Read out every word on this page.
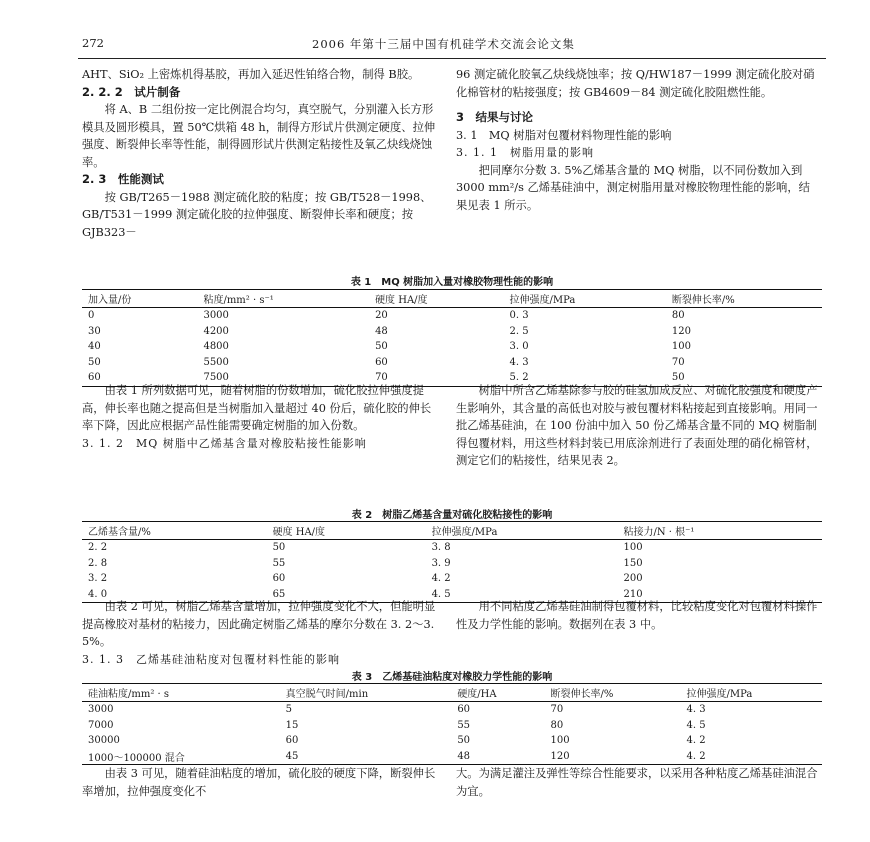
272	2006 年第十三届中国有机硅学术交流会论文集

AHT、SiO₂ 上密炼机得基胶，再加入延迟性铂络合物，制得 B胶。

2. 2. 2　试片制备

将 A、B 二组份按一定比例混合均匀，真空脱气，分别灌入长方形模具及圆形模具，置 50℃烘箱 48 h，制得方形试片供测定硬度、拉伸强度、断裂伸长率等性能，制得圆形试片供测定粘接性及氧乙炔线烧蚀率。

2. 3　性能测试

按 GB/T265－1988 测定硫化胶的粘度；按 GB/T528－1998、GB/T531－1999 测定硫化胶的拉伸强度、断裂伸长率和硬度；按 GJB323－

96 测定硫化胶氧乙炔线烧蚀率；按 Q/HW187－1999 测定硫化胶对硝化棉管材的粘接强度；按 GB4609－84 测定硫化胶阻燃性能。

3　结果与讨论

3. 1　MQ 树脂对包覆材料物理性能的影响

3. 1. 1　树脂用量的影响

把同摩尔分数 3. 5%乙烯基含量的 MQ 树脂，以不同份数加入到 3000 mm²/s 乙烯基硅油中，测定树脂用量对橡胶物理性能的影响，结果见表 1 所示。

表 1　MQ 树脂加入量对橡胶物理性能的影响
加入量/份	粘度/mm² · s⁻¹	硬度 HA/度	拉伸强度/MPa	断裂伸长率/%
0	3000	20	0. 3	80
30	4200	48	2. 5	120
40	4800	50	3. 0	100
50	5500	60	4. 3	70
60	7500	70	5. 2	50

由表 1 所列数据可见，随着树脂的份数增加，硫化胶拉伸强度提高，伸长率也随之提高但是当树脂加入量超过 40 份后，硫化胶的伸长率下降，因此应根据产品性能需要确定树脂的加入份数。

3. 1. 2　MQ 树脂中乙烯基含量对橡胶粘接性能影响

树脂中所含乙烯基除参与胶的硅氢加成反应、对硫化胶强度和硬度产生影响外，其含量的高低也对胶与被包覆材料粘接起到直接影响。用同一批乙烯基硅油，在 100 份油中加入 50 份乙烯基含量不同的 MQ 树脂制得包覆材料，用这些材料封装已用底涂剂进行了表面处理的硝化棉管材，测定它们的粘接性，结果见表 2。

表 2　树脂乙烯基含量对硫化胶粘接性的影响
乙烯基含量/%	硬度 HA/度	拉伸强度/MPa	粘接力/N · 根⁻¹
2. 2	50	3. 8	100
2. 8	55	3. 9	150
3. 2	60	4. 2	200
4. 0	65	4. 5	210

由表 2 可见，树脂乙烯基含量增加，拉伸强度变化不大，但能明显提高橡胶对基材的粘接力，因此确定树脂乙烯基的摩尔分数在 3. 2～3. 5%。

3. 1. 3　乙烯基硅油粘度对包覆材料性能的影响

用不同粘度乙烯基硅油制得包覆材料，比较粘度变化对包覆材料操作性及力学性能的影响。数据列在表 3 中。

表 3　乙烯基硅油粘度对橡胶力学性能的影响
硅油粘度/mm² · s	真空脱气时间/min	硬度/HA	断裂伸长率/%	拉伸强度/MPa
3000	5	60	70	4. 3
7000	15	55	80	4. 5
30000	60	50	100	4. 2
1000～100000 混合	45	48	120	4. 2

由表 3 可见，随着硅油粘度的增加，硫化胶的硬度下降，断裂伸长率增加，拉伸强度变化不

大。为满足灌注及弹性等综合性能要求，以采用各种粘度乙烯基硅油混合为宜。
